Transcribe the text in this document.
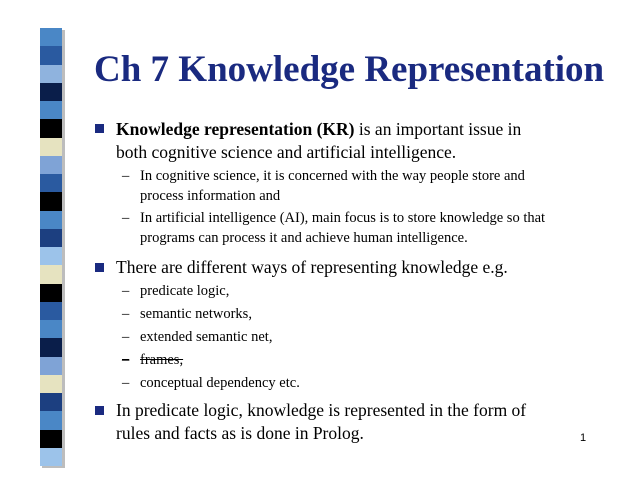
Ch 7 Knowledge Representation

Knowledge representation (KR) is an important issue in

both cognitive science and artificial intelligence.

– In cognitive science, it is concerned with the way people store and

process information and

– In artificial intelligence (AI), main focus is to store knowledge so that

programs can process it and achieve human intelligence.

There are different ways of representing knowledge e.g.

– predicate logic,

– semantic networks,

– extended semantic net,

– frames,

– conceptual dependency etc.

In predicate logic, knowledge is represented in the form of

rules and facts as is done in Prolog.	1
